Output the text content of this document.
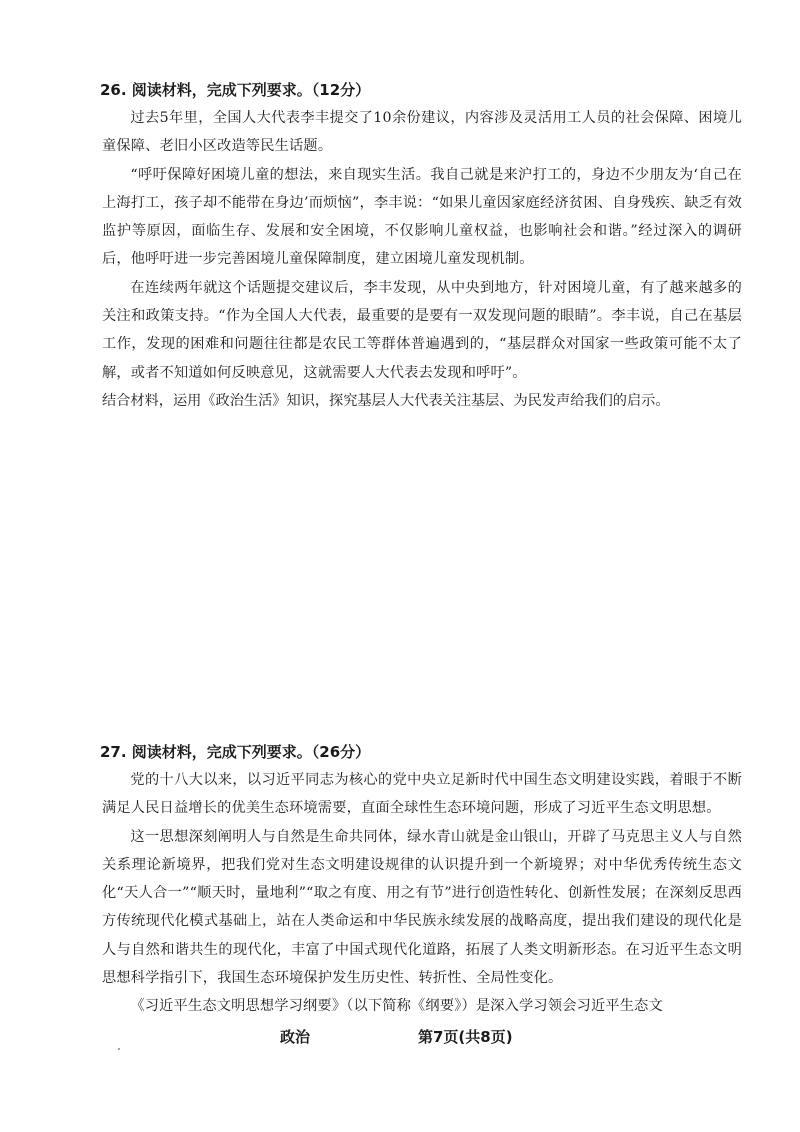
26. 阅读材料，完成下列要求。（12分）

过去5年里，全国人大代表李丰提交了10余份建议，内容涉及灵活用工人员的社会保障、困境儿童保障、老旧小区改造等民生话题。

“呼吁保障好困境儿童的想法，来自现实生活。我自己就是来沪打工的，身边不少朋友为‘自己在上海打工，孩子却不能带在身边’而烦恼”，李丰说：“如果儿童因家庭经济贫困、自身残疾、缺乏有效监护等原因，面临生存、发展和安全困境，不仅影响儿童权益，也影响社会和谐。”经过深入的调研后，他呼吁进一步完善困境儿童保障制度，建立困境儿童发现机制。

在连续两年就这个话题提交建议后，李丰发现，从中央到地方，针对困境儿童，有了越来越多的关注和政策支持。“作为全国人大代表，最重要的是要有一双发现问题的眼睛”。李丰说，自己在基层工作，发现的困难和问题往往都是农民工等群体普遍遇到的，“基层群众对国家一些政策可能不太了解，或者不知道如何反映意见，这就需要人大代表去发现和呼吁”。

结合材料，运用《政治生活》知识，探究基层人大代表关注基层、为民发声给我们的启示。

27. 阅读材料，完成下列要求。（26分）

党的十八大以来，以习近平同志为核心的党中央立足新时代中国生态文明建设实践，着眼于不断满足人民日益增长的优美生态环境需要，直面全球性生态环境问题，形成了习近平生态文明思想。

这一思想深刻阐明人与自然是生命共同体，绿水青山就是金山银山，开辟了马克思主义人与自然关系理论新境界，把我们党对生态文明建设规律的认识提升到一个新境界；对中华优秀传统生态文化“天人合一”“顺天时，量地利”“取之有度、用之有节”进行创造性转化、创新性发展；在深刻反思西方传统现代化模式基础上，站在人类命运和中华民族永续发展的战略高度，提出我们建设的现代化是人与自然和谐共生的现代化，丰富了中国式现代化道路，拓展了人类文明新形态。在习近平生态文明思想科学指引下，我国生态环境保护发生历史性、转折性、全局性变化。

《习近平生态文明思想学习纲要》（以下简称《纲要》）是深入学习领会习近平生态文

政治	第7页(共8页)
